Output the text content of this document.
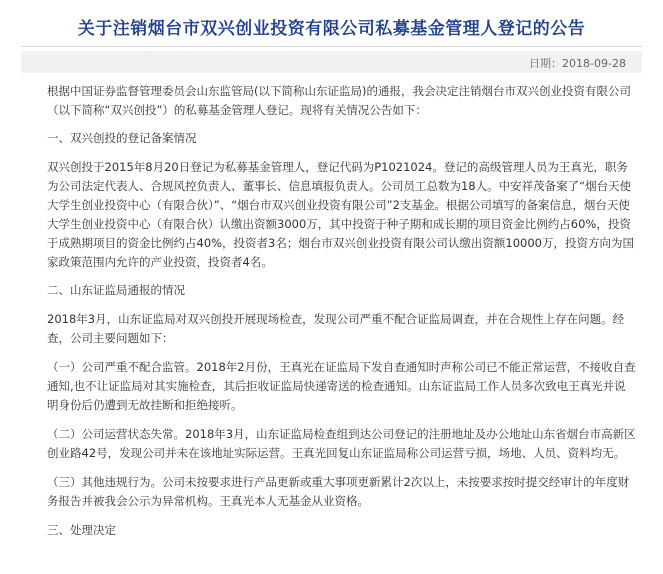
关于注销烟台市双兴创业投资有限公司私募基金管理人登记的公告
日期：2018-09-28

根据中国证券监督管理委员会山东监管局(以下简称山东证监局)的通报，我会决定注销烟台市双兴创业投资有限公司（以下简称“双兴创投”）的私募基金管理人登记。现将有关情况公告如下：

一、双兴创投的登记备案情况

双兴创投于2015年8月20日登记为私募基金管理人，登记代码为P1021024。登记的高级管理人员为王真光，职务为公司法定代表人、合规风控负责人、董事长、信息填报负责人。公司员工总数为18人。中安祥茂备案了“烟台天使大学生创业投资中心（有限合伙）”、“烟台市双兴创业投资有限公司”2支基金。根据公司填写的备案信息，烟台天使大学生创业投资中心（有限合伙）认缴出资额3000万，其中投资于种子期和成长期的项目资金比例约占60%，投资于成熟期项目的资金比例约占40%，投资者3名；烟台市双兴创业投资有限公司认缴出资额10000万，投资方向为国家政策范围内允许的产业投资，投资者4名。

二、山东证监局通报的情况

2018年3月，山东证监局对双兴创投开展现场检查，发现公司严重不配合证监局调查，并在合规性上存在问题。经查，公司主要问题如下：

（一）公司严重不配合监管。2018年2月份，王真光在证监局下发自查通知时声称公司已不能正常运营，不接收自查通知,也不让证监局对其实施检查，其后拒收证监局快递寄送的检查通知。山东证监局工作人员多次致电王真光并说明身份后仍遭到无故挂断和拒绝接听。

（二）公司运营状态失常。2018年3月，山东证监局检查组到达公司登记的注册地址及办公地址山东省烟台市高新区创业路42号，发现公司并未在该地址实际运营。王真光回复山东证监局称公司运营亏损，场地、人员、资料均无。

（三）其他违规行为。公司未按要求进行产品更新或重大事项更新累计2次以上，未按要求按时提交经审计的年度财务报告并被我会公示为异常机构。王真光本人无基金从业资格。

三、处理决定
